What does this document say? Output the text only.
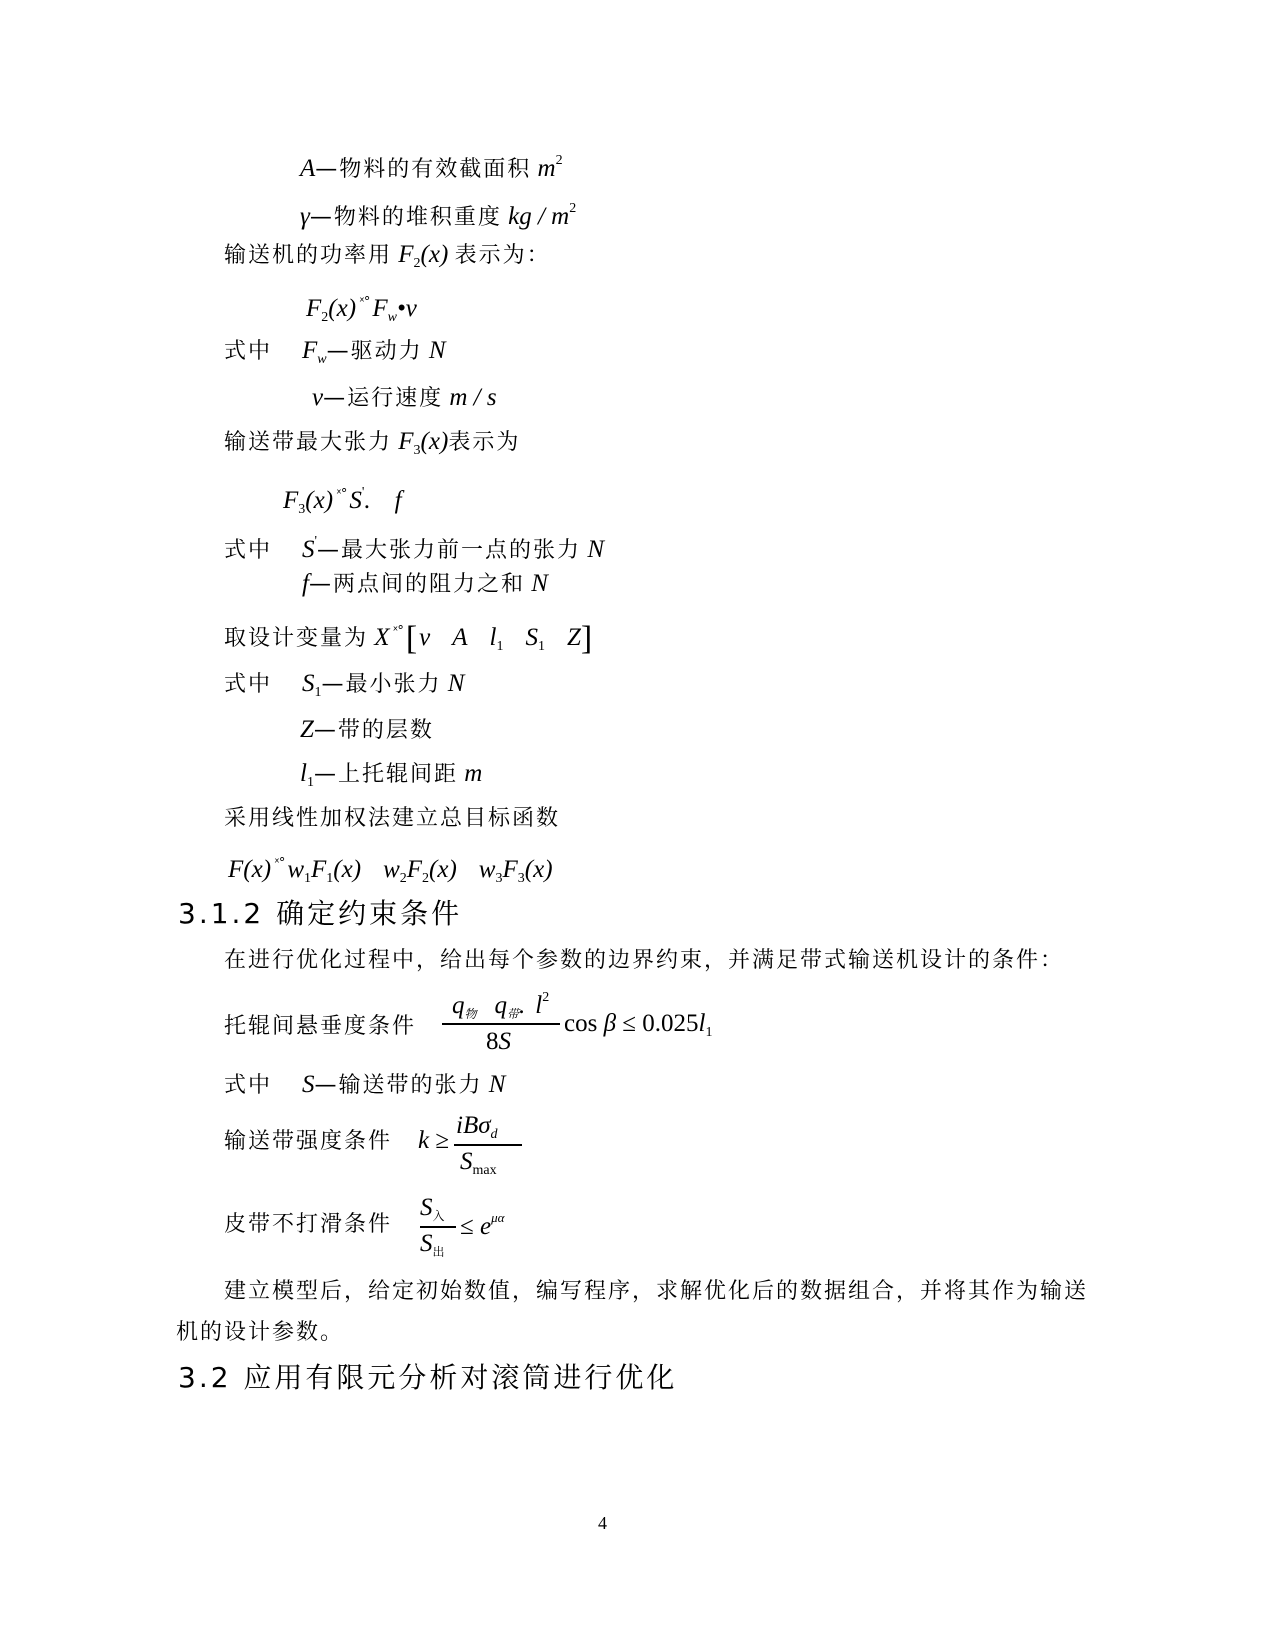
A—物料的有效截面积 $m^2$
γ—物料的堆积重度 kg / $m^2$
输送机的功率用 $F_2(x)$ 表示为：
$F_2(x)$ $^{ˣ^\circ}$ $F_w•v$
式中 $F_w—$驱动力 N
v—运行速度 m / s
输送带最大张力 $F_3(x)$表示为
$F_3(x)$ $^{ˣ^\circ}$ S'. f
式中 S'—最大张力前一点的张力 N
f—两点间的阻力之和 N
取设计变量为 X $^{ˣ^\circ}$[v A $l_1$ $S_1$ Z]
式中 $S_1—$最小张力 N
Z—带的层数
$l_1—$上托辊间距 m
采用线性加权法建立总目标函数
F(x) $^{ˣ^\circ}$ $w_1F_1(x)$ $w_2F_2(x)$ $w_3F_3(x)$
3.1.2 确定约束条件
在进行优化过程中，给出每个参数的边界约束，并满足带式输送机设计的条件：
托辊间悬垂度条件
$q_物$ $q_带$. $l^2$
8S
$\cos \beta \le 0.025l_1$
式中 S—输送带的张力 N
输送带强度条件 k ≥
iBσ$_d$
Smax
皮带不打滑条件
$S_入$
$S_出$
≤ $e^{\mu\alpha}$
建立模型后，给定初始数值，编写程序，求解优化后的数据组合，并将其作为输送
机的设计参数。
3.2 应用有限元分析对滚筒进行优化
4
